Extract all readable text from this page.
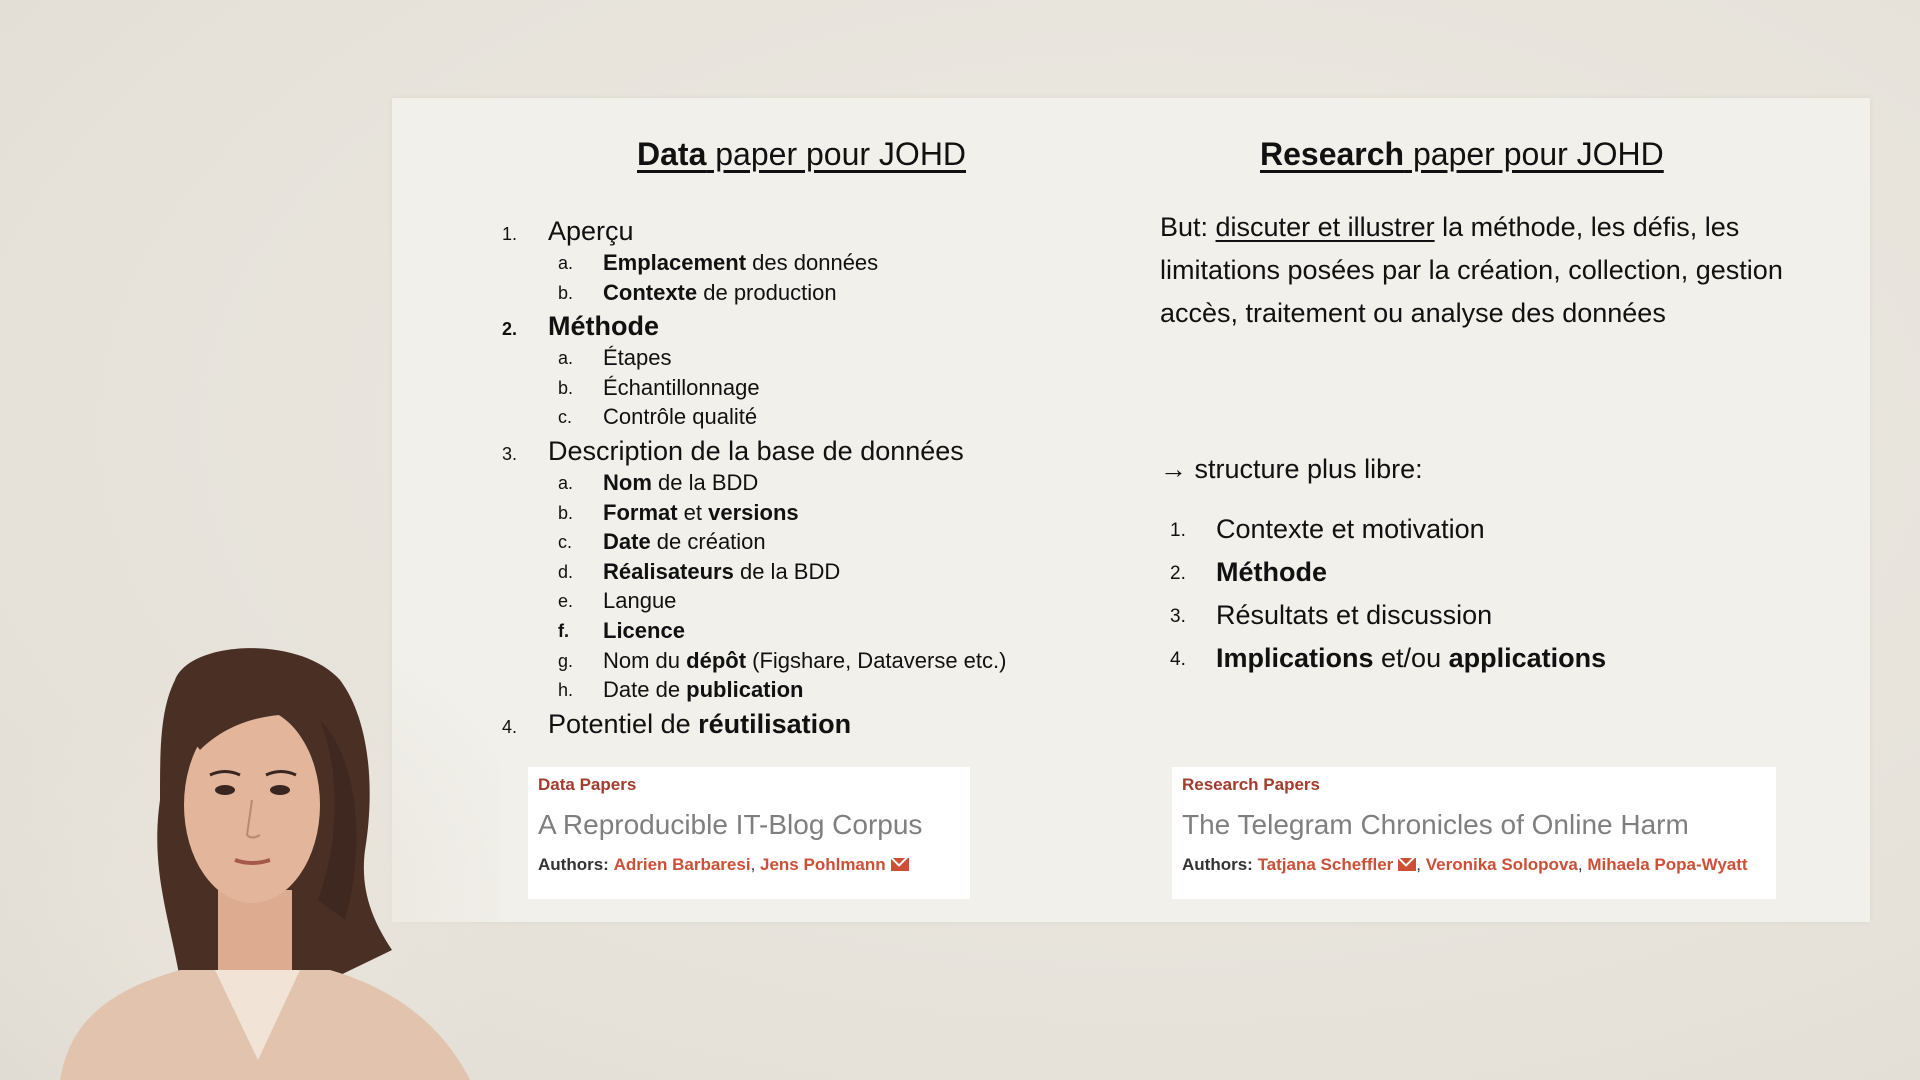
Data paper pour JOHD
1. Aperçu
a. Emplacement des données
b. Contexte de production
2. Méthode
a. Étapes
b. Échantillonnage
c. Contrôle qualité
3. Description de la base de données
a. Nom de la BDD
b. Format et versions
c. Date de création
d. Réalisateurs de la BDD
e. Langue
f. Licence
g. Nom du dépôt (Figshare, Dataverse etc.)
h. Date de publication
4. Potentiel de réutilisation
Data Papers
A Reproducible IT-Blog Corpus
Authors: Adrien Barbaresi, Jens Pohlmann
Research paper pour JOHD
But: discuter et illustrer la méthode, les défis, les limitations posées par la création, collection, gestion accès, traitement ou analyse des données
→ structure plus libre:
1. Contexte et motivation
2. Méthode
3. Résultats et discussion
4. Implications et/ou applications
Research Papers
The Telegram Chronicles of Online Harm
Authors: Tatjana Scheffler , Veronika Solopova, Mihaela Popa-Wyatt
